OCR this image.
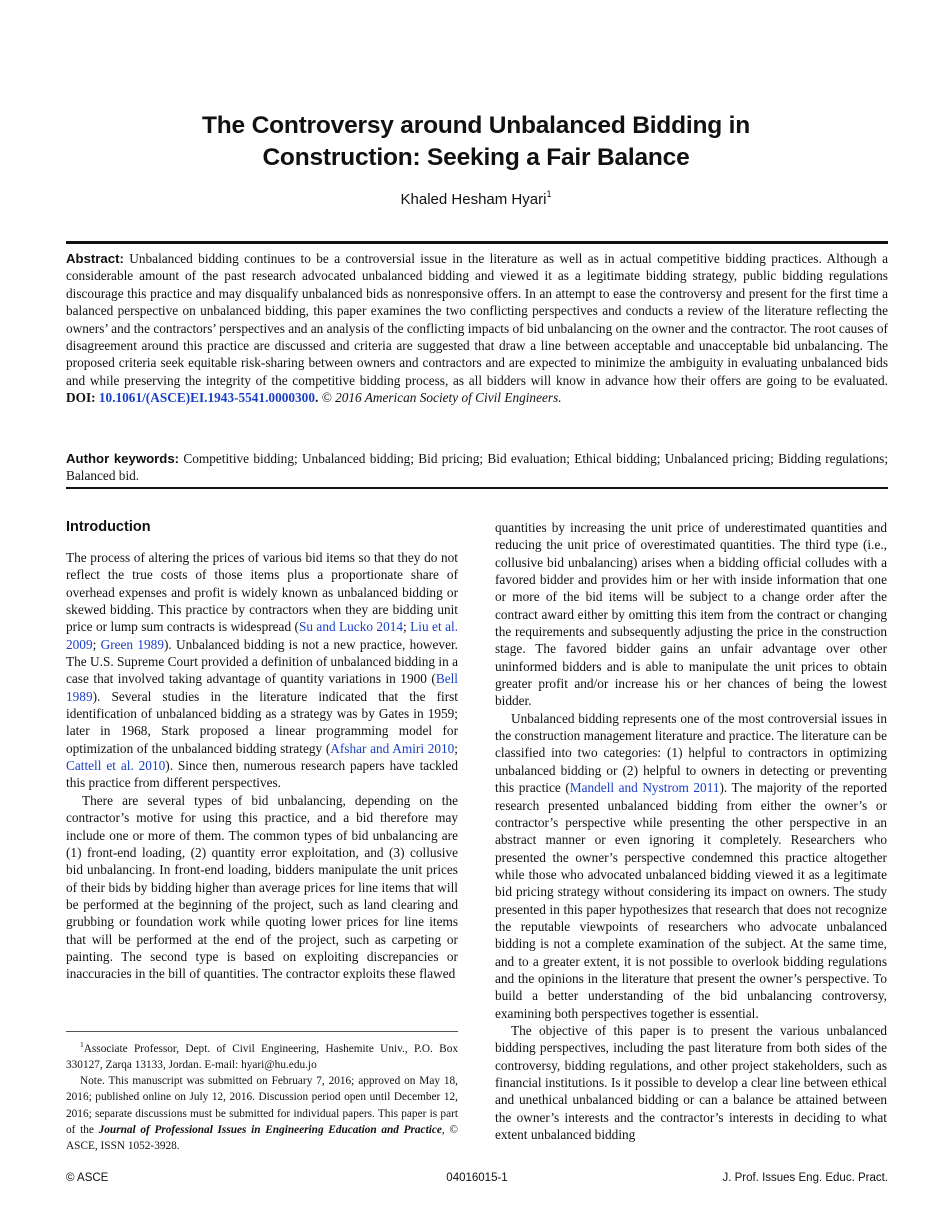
The Controversy around Unbalanced Bidding in
Construction: Seeking a Fair Balance
Khaled Hesham Hyari$^1$
Abstract: Unbalanced bidding continues to be a controversial issue in the literature as well as in actual competitive bidding practices. Although a considerable amount of the past research advocated unbalanced bidding and viewed it as a legitimate bidding strategy, public bidding regulations discourage this practice and may disqualify unbalanced bids as nonresponsive offers. In an attempt to ease the controversy and present for the first time a balanced perspective on unbalanced bidding, this paper examines the two conflicting perspectives and conducts a review of the literature reflecting the owners’ and the contractors’ perspectives and an analysis of the conflicting impacts of bid unbalancing on the owner and the contractor. The root causes of disagreement around this practice are discussed and criteria are suggested that draw a line between acceptable and unacceptable bid unbalancing. The proposed criteria seek equitable risk-sharing between owners and contractors and are expected to minimize the ambiguity in evaluating unbalanced bids and while preserving the integrity of the competitive bidding process, as all bidders will know in advance how their offers are going to be evaluated. DOI: 10.1061/(ASCE)EI.1943-5541.0000300. © 2016 American Society of Civil Engineers.
Author keywords: Competitive bidding; Unbalanced bidding; Bid pricing; Bid evaluation; Ethical bidding; Unbalanced pricing; Bidding regulations; Balanced bid.
Introduction

The process of altering the prices of various bid items so that they do not reflect the true costs of those items plus a proportionate share of overhead expenses and profit is widely known as unbalanced bidding or skewed bidding. This practice by contractors when they are bidding unit price or lump sum contracts is widespread (Su and Lucko 2014; Liu et al. 2009; Green 1989). Unbalanced bidding is not a new practice, however. The U.S. Supreme Court provided a definition of unbalanced bidding in a case that involved taking advantage of quantity variations in 1900 (Bell 1989). Several studies in the literature indicated that the first identification of unbalanced bidding as a strategy was by Gates in 1959; later in 1968, Stark proposed a linear programming model for optimization of the unbalanced bidding strategy (Afshar and Amiri 2010; Cattell et al. 2010). Since then, numerous research papers have tackled this practice from different perspectives.

There are several types of bid unbalancing, depending on the contractor’s motive for using this practice, and a bid therefore may include one or more of them. The common types of bid unbalancing are (1) front-end loading, (2) quantity error exploitation, and (3) collusive bid unbalancing. In front-end loading, bidders manipulate the unit prices of their bids by bidding higher than average prices for line items that will be performed at the beginning of the project, such as land clearing and grubbing or foundation work while quoting lower prices for line items that will be performed at the end of the project, such as carpeting or painting. The second type is based on exploiting discrepancies or inaccuracies in the bill of quantities. The contractor exploits these flawed

$^1$Associate Professor, Dept. of Civil Engineering, Hashemite Univ., P.O. Box 330127, Zarqa 13133, Jordan. E-mail: hyari@hu.edu.jo

Note. This manuscript was submitted on February 7, 2016; approved on May 18, 2016; published online on July 12, 2016. Discussion period open until December 12, 2016; separate discussions must be submitted for individual papers. This paper is part of the Journal of Professional Issues in Engineering Education and Practice, © ASCE, ISSN 1052-3928.

quantities by increasing the unit price of underestimated quantities and reducing the unit price of overestimated quantities. The third type (i.e., collusive bid unbalancing) arises when a bidding official colludes with a favored bidder and provides him or her with inside information that one or more of the bid items will be subject to a change order after the contract award either by omitting this item from the contract or changing the requirements and subsequently adjusting the price in the construction stage. The favored bidder gains an unfair advantage over other uninformed bidders and is able to manipulate the unit prices to obtain greater profit and/or increase his or her chances of being the lowest bidder.

Unbalanced bidding represents one of the most controversial issues in the construction management literature and practice. The literature can be classified into two categories: (1) helpful to contractors in optimizing unbalanced bidding or (2) helpful to owners in detecting or preventing this practice (Mandell and Nystrom 2011). The majority of the reported research presented unbalanced bidding from either the owner’s or contractor’s perspective while presenting the other perspective in an abstract manner or even ignoring it completely. Researchers who presented the owner’s perspective condemned this practice altogether while those who advocated unbalanced bidding viewed it as a legitimate bid pricing strategy without considering its impact on owners. The study presented in this paper hypothesizes that research that does not recognize the reputable viewpoints of researchers who advocate unbalanced bidding is not a complete examination of the subject. At the same time, and to a greater extent, it is not possible to overlook bidding regulations and the opinions in the literature that present the owner’s perspective. To build a better understanding of the bid unbalancing controversy, examining both perspectives together is essential.

The objective of this paper is to present the various unbalanced bidding perspectives, including the past literature from both sides of the controversy, bidding regulations, and other project stakeholders, such as financial institutions. Is it possible to develop a clear line between ethical and unethical unbalanced bidding or can a balance be attained between the owner’s interests and the contractor’s interests in deciding to what extent unbalanced bidding

© ASCE	04016015-1	J. Prof. Issues Eng. Educ. Pract.
